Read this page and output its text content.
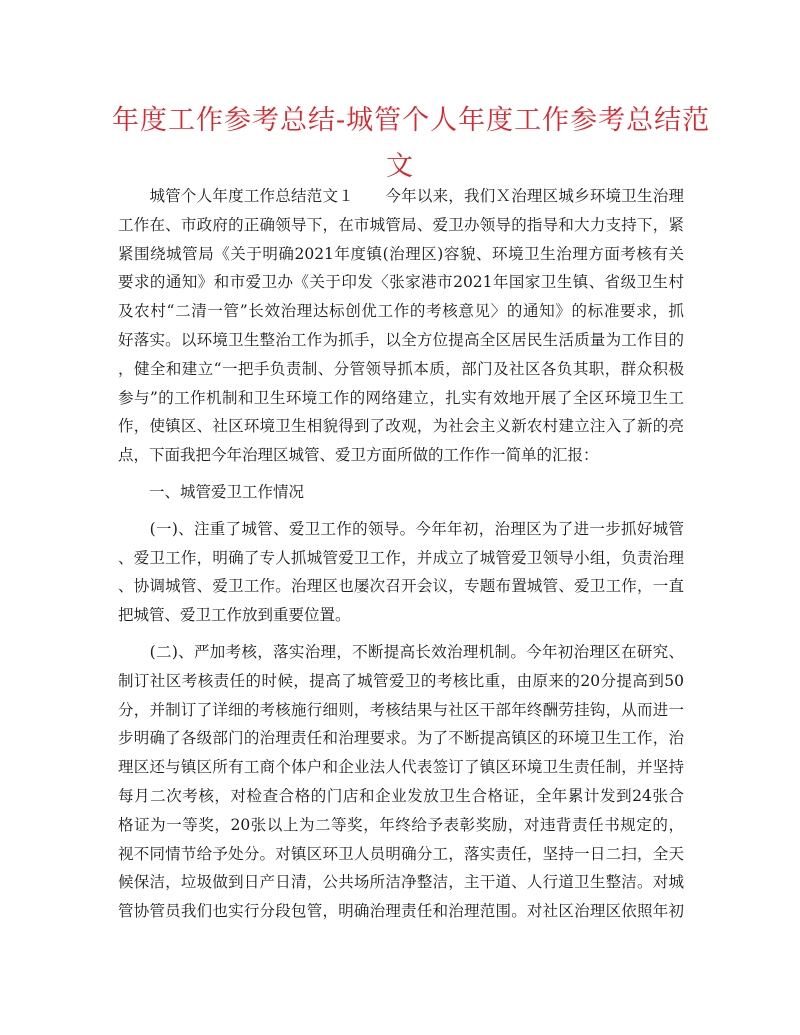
年度工作参考总结-城管个人年度工作参考总结范
文
　　城管个人年度工作总结范文１　　今年以来，我们Ｘ治理区城乡环境卫生治理
工作在、市政府的正确领导下，在市城管局、爱卫办领导的指导和大力支持下，紧
紧围绕城管局《关于明确2021年度镇(治理区)容貌、环境卫生治理方面考核有关
要求的通知》和市爱卫办《关于印发〈张家港市2021年国家卫生镇、省级卫生村
及农村“二清一管”长效治理达标创优工作的考核意见〉的通知》的标准要求，抓
好落实。以环境卫生整治工作为抓手，以全方位提高全区居民生活质量为工作目的
，健全和建立“一把手负责制、分管领导抓本质，部门及社区各负其职，群众积极
参与”的工作机制和卫生环境工作的网络建立，扎实有效地开展了全区环境卫生工
作，使镇区、社区环境卫生相貌得到了改观，为社会主义新农村建立注入了新的亮
点，下面我把今年治理区城管、爱卫方面所做的工作作一简单的汇报：
　　一、城管爱卫工作情况
　　(一)、注重了城管、爱卫工作的领导。今年年初，治理区为了进一步抓好城管
、爱卫工作，明确了专人抓城管爱卫工作，并成立了城管爱卫领导小组，负责治理
、协调城管、爱卫工作。治理区也屡次召开会议，专题布置城管、爱卫工作，一直
把城管、爱卫工作放到重要位置。
　　(二)、严加考核，落实治理，不断提高长效治理机制。今年初治理区在研究、
制订社区考核责任的时候，提高了城管爱卫的考核比重，由原来的20分提高到50
分，并制订了详细的考核施行细则，考核结果与社区干部年终酬劳挂钩，从而进一
步明确了各级部门的治理责任和治理要求。为了不断提高镇区的环境卫生工作，治
理区还与镇区所有工商个体户和企业法人代表签订了镇区环境卫生责任制，并坚持
每月二次考核，对检查合格的门店和企业发放卫生合格证，全年累计发到24张合
格证为一等奖，20张以上为二等奖，年终给予表彰奖励，对违背责任书规定的，
视不同情节给予处分。对镇区环卫人员明确分工，落实责任，坚持一日二扫，全天
候保洁，垃圾做到日产日清，公共场所洁净整洁，主干道、人行道卫生整洁。对城
管协管员我们也实行分段包管，明确治理责任和治理范围。对社区治理区依照年初
